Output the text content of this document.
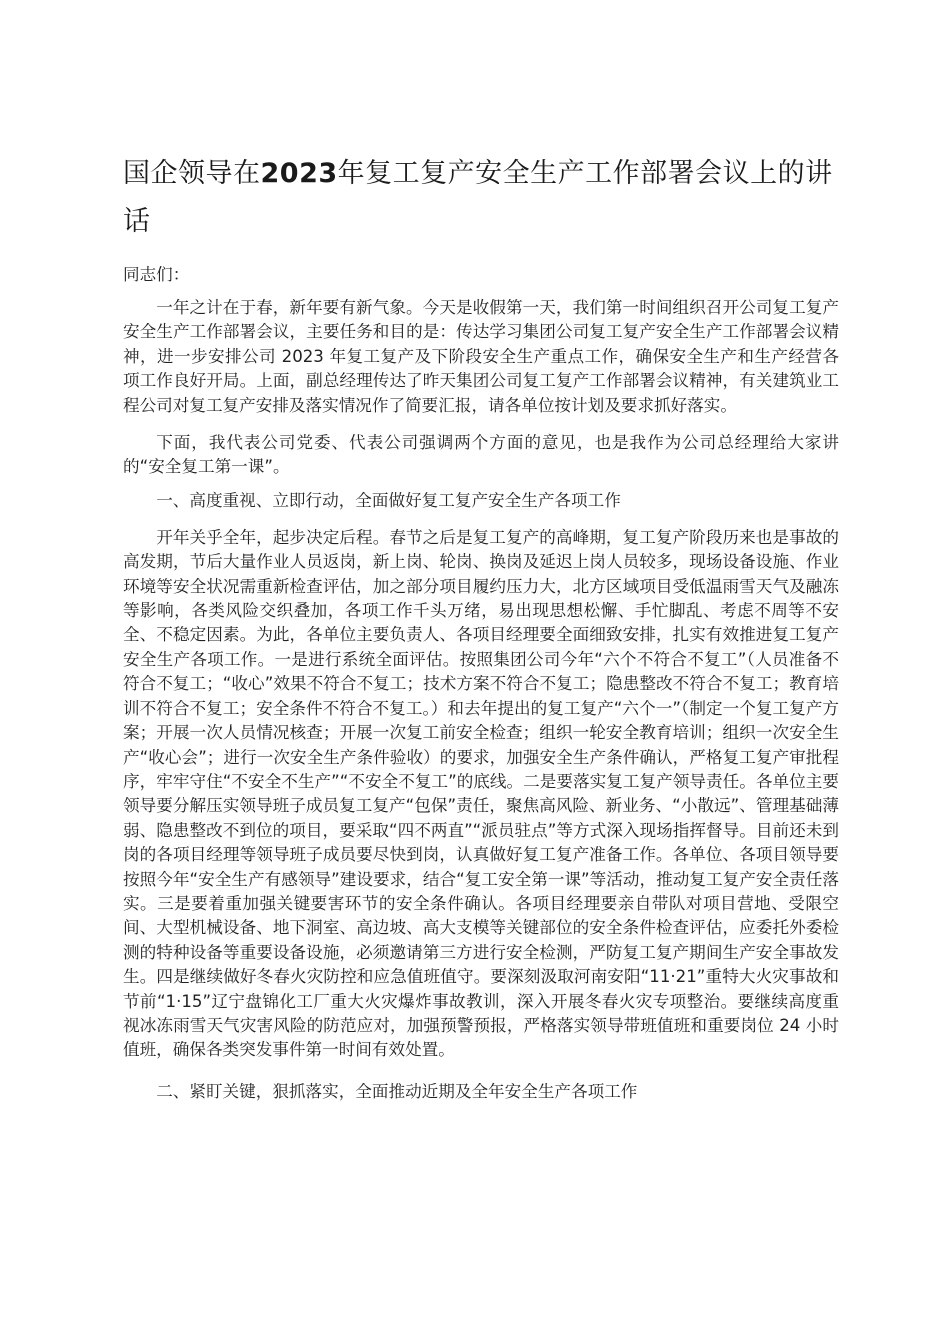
国企领导在2023年复工复产安全生产工作部署会议上的讲话

同志们：

一年之计在于春，新年要有新气象。今天是收假第一天，我们第一时间组织召开公司复工复产安全生产工作部署会议，主要任务和目的是：传达学习集团公司复工复产安全生产工作部署会议精神，进一步安排公司 2023 年复工复产及下阶段安全生产重点工作，确保安全生产和生产经营各项工作良好开局。上面，副总经理传达了昨天集团公司复工复产工作部署会议精神，有关建筑业工程公司对复工复产安排及落实情况作了简要汇报，请各单位按计划及要求抓好落实。

下面，我代表公司党委、代表公司强调两个方面的意见，也是我作为公司总经理给大家讲的“安全复工第一课”。

一、高度重视、立即行动，全面做好复工复产安全生产各项工作

开年关乎全年，起步决定后程。春节之后是复工复产的高峰期，复工复产阶段历来也是事故的高发期，节后大量作业人员返岗，新上岗、轮岗、换岗及延迟上岗人员较多，现场设备设施、作业环境等安全状况需重新检查评估，加之部分项目履约压力大，北方区域项目受低温雨雪天气及融冻等影响，各类风险交织叠加，各项工作千头万绪，易出现思想松懈、手忙脚乱、考虑不周等不安全、不稳定因素。为此，各单位主要负责人、各项目经理要全面细致安排，扎实有效推进复工复产安全生产各项工作。一是进行系统全面评估。按照集团公司今年“六个不符合不复工”（人员准备不符合不复工；“收心”效果不符合不复工；技术方案不符合不复工；隐患整改不符合不复工；教育培训不符合不复工；安全条件不符合不复工。）和去年提出的复工复产“六个一”（制定一个复工复产方案；开展一次人员情况核查；开展一次复工前安全检查；组织一轮安全教育培训；组织一次安全生产“收心会”；进行一次安全生产条件验收）的要求，加强安全生产条件确认，严格复工复产审批程序，牢牢守住“不安全不生产”“不安全不复工”的底线。二是要落实复工复产领导责任。各单位主要领导要分解压实领导班子成员复工复产“包保”责任，聚焦高风险、新业务、“小散远”、管理基础薄弱、隐患整改不到位的项目，要采取“四不两直”“派员驻点”等方式深入现场指挥督导。目前还未到岗的各项目经理等领导班子成员要尽快到岗，认真做好复工复产准备工作。各单位、各项目领导要按照今年“安全生产有感领导”建设要求，结合“复工安全第一课”等活动，推动复工复产安全责任落实。三是要着重加强关键要害环节的安全条件确认。各项目经理要亲自带队对项目营地、受限空间、大型机械设备、地下洞室、高边坡、高大支模等关键部位的安全条件检查评估，应委托外委检测的特种设备等重要设备设施，必须邀请第三方进行安全检测，严防复工复产期间生产安全事故发生。四是继续做好冬春火灾防控和应急值班值守。要深刻汲取河南安阳“11·21”重特大火灾事故和节前“1·15”辽宁盘锦化工厂重大火灾爆炸事故教训，深入开展冬春火灾专项整治。要继续高度重视冰冻雨雪天气灾害风险的防范应对，加强预警预报，严格落实领导带班值班和重要岗位 24 小时值班，确保各类突发事件第一时间有效处置。

二、紧盯关键，狠抓落实，全面推动近期及全年安全生产各项工作
